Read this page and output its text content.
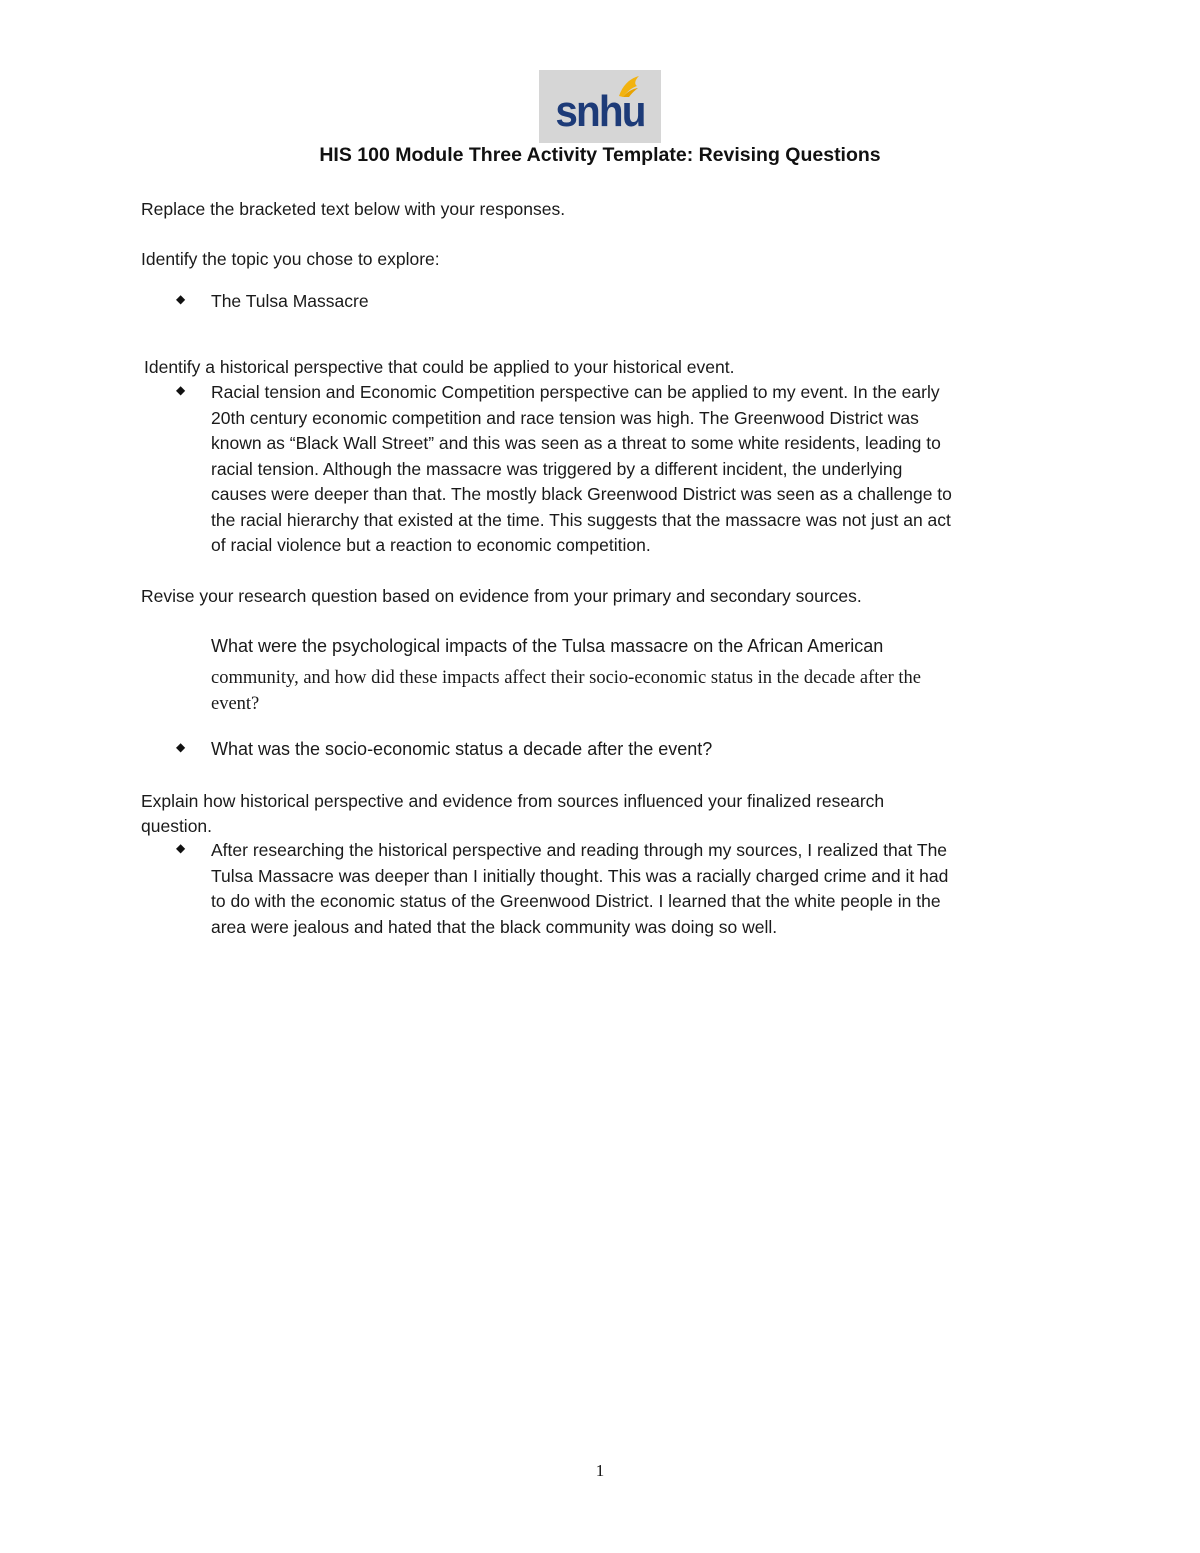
snhu
HIS 100 Module Three Activity Template: Revising Questions
Replace the bracketed text below with your responses.
Identify the topic you chose to explore:
◆ The Tulsa Massacre
Identify a historical perspective that could be applied to your historical event.
◆ Racial tension and Economic Competition perspective can be applied to my event. In the early
20th century economic competition and race tension was high. The Greenwood District was
known as “Black Wall Street” and this was seen as a threat to some white residents, leading to
racial tension. Although the massacre was triggered by a different incident, the underlying
causes were deeper than that. The mostly black Greenwood District was seen as a challenge to
the racial hierarchy that existed at the time. This suggests that the massacre was not just an act
of racial violence but a reaction to economic competition.
Revise your research question based on evidence from your primary and secondary sources.
What were the psychological impacts of the Tulsa massacre on the African American
community, and how did these impacts affect their socio-economic status in the decade after the
event?
◆ What was the socio-economic status a decade after the event?
Explain how historical perspective and evidence from sources influenced your finalized research
question.
◆ After researching the historical perspective and reading through my sources, I realized that The
Tulsa Massacre was deeper than I initially thought. This was a racially charged crime and it had
to do with the economic status of the Greenwood District. I learned that the white people in the
area were jealous and hated that the black community was doing so well.
1
